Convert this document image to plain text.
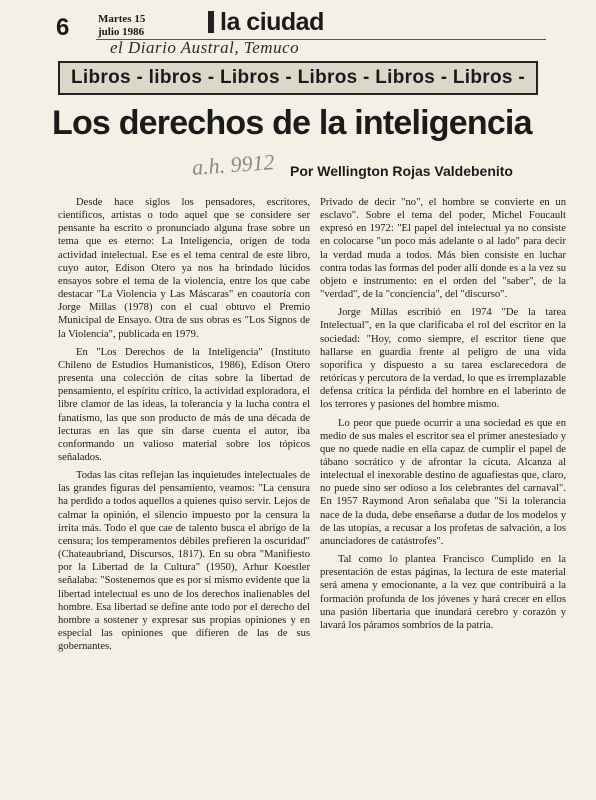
6	Martes 15
julio 1986	la ciudad
el Diario Austral, Temuco
Libros - libros - Libros - Libros - Libros - Libros -
Los derechos de la inteligencia
a.h. 9912 Por Wellington Rojas Valdebenito

Desde hace siglos los pensadores, escritores, científicos, artistas o todo aquel que se considere ser pensante ha escrito o pronunciado alguna frase sobre un tema que es eterno: La Inteligencia, origen de toda actividad intelectual. Ese es el tema central de este libro, cuyo autor, Edison Otero ya nos ha brindado lúcidos ensayos sobre el tema de la violencia, entre los que cabe destacar "La Violencia y Las Máscaras" en coautoría con Jorge Millas (1978) con el cual obtuvo el Premio Municipal de Ensayo. Otra de sus obras es "Los Signos de la Violencia", publicada en 1979.

En "Los Derechos de la Inteligencia" (Instituto Chileno de Estudios Humanísticos, 1986), Edison Otero presenta una colección de citas sobre la libertad de pensamiento, el espíritu crítico, la actividad exploradora, el libre clamor de las ideas, la tolerancia y la lucha contra el fanatismo, las que son producto de más de una década de lecturas en las que sin darse cuenta el autor, iba conformando un valioso material sobre los tópicos señalados.

Todas las citas reflejan las inquietudes intelectuales de las grandes figuras del pensamiento, veamos: "La censura ha perdido a todos aquellos a quienes quiso servir. Lejos de calmar la opinión, el silencio impuesto por la censura la irrita más. Todo el que cae de talento busca el abrigo de la censura; los temperamentos débiles prefieren la oscuridad" (Chateaubriand, Discursos, 1817). En su obra "Manifiesto por la Libertad de la Cultura" (1950), Arhur Koestler señalaba: "Sostenemos que es por sí mismo evidente que la libertad intelectual es uno de los derechos inalienables del hombre. Esa libertad se define ante todo por el derecho del hombre a sostener y expresar sus propias opiniones y en especial las opiniones que difieren de las de sus gobernantes.

Privado de decir "no", el hombre se convierte en un esclavo". Sobre el tema del poder, Michel Foucault expresó en 1972: "El papel del intelectual ya no consiste en colocarse "un poco más adelante o al lado" para decir la verdad muda a todos. Más bien consiste en luchar contra todas las formas del poder allí donde es a la vez su objeto e instrumento: en el orden del "saber", de la "verdad", de la "conciencia", del "discurso".

Jorge Millas escribió en 1974 "De la tarea Intelectual", en la que clarificaba el rol del escritor en la sociedad: "Hoy, como siempre, el escritor tiene que hallarse en guardia frente al peligro de una vida soporífica y dispuesto a su tarea esclarecedora de retóricas y percutora de la verdad, lo que es irremplazable defensa crítica la pérdida del hombre en el laberinto de los terrores y pasiones del hombre mismo.

Lo peor que puede ocurrir a una sociedad es que en medio de sus males el escritor sea el primer anestesiado y que no quede nadie en ella capaz de cumplir el papel de tábano socrático y de afrontar la cicuta. Alcanza al intelectual el inexorable destino de aguafiestas que, claro, no puede sino ser odioso a los celebrantes del carnaval". En 1957 Raymond Aron señalaba que "Si la tolerancia nace de la duda, debe enseñarse a dudar de los modelos y de las utopías, a recusar a los profetas de salvación, a los anunciadores de catástrofes".

Tal como lo plantea Francisco Cumplido en la presentación de estas páginas, la lectura de este material será amena y emocionante, a la vez que contribuirá a la formación profunda de los jóvenes y hará crecer en ellos una pasión libertaria que inundará cerebro y corazón y lavará los páramos sombríos de la patria.
